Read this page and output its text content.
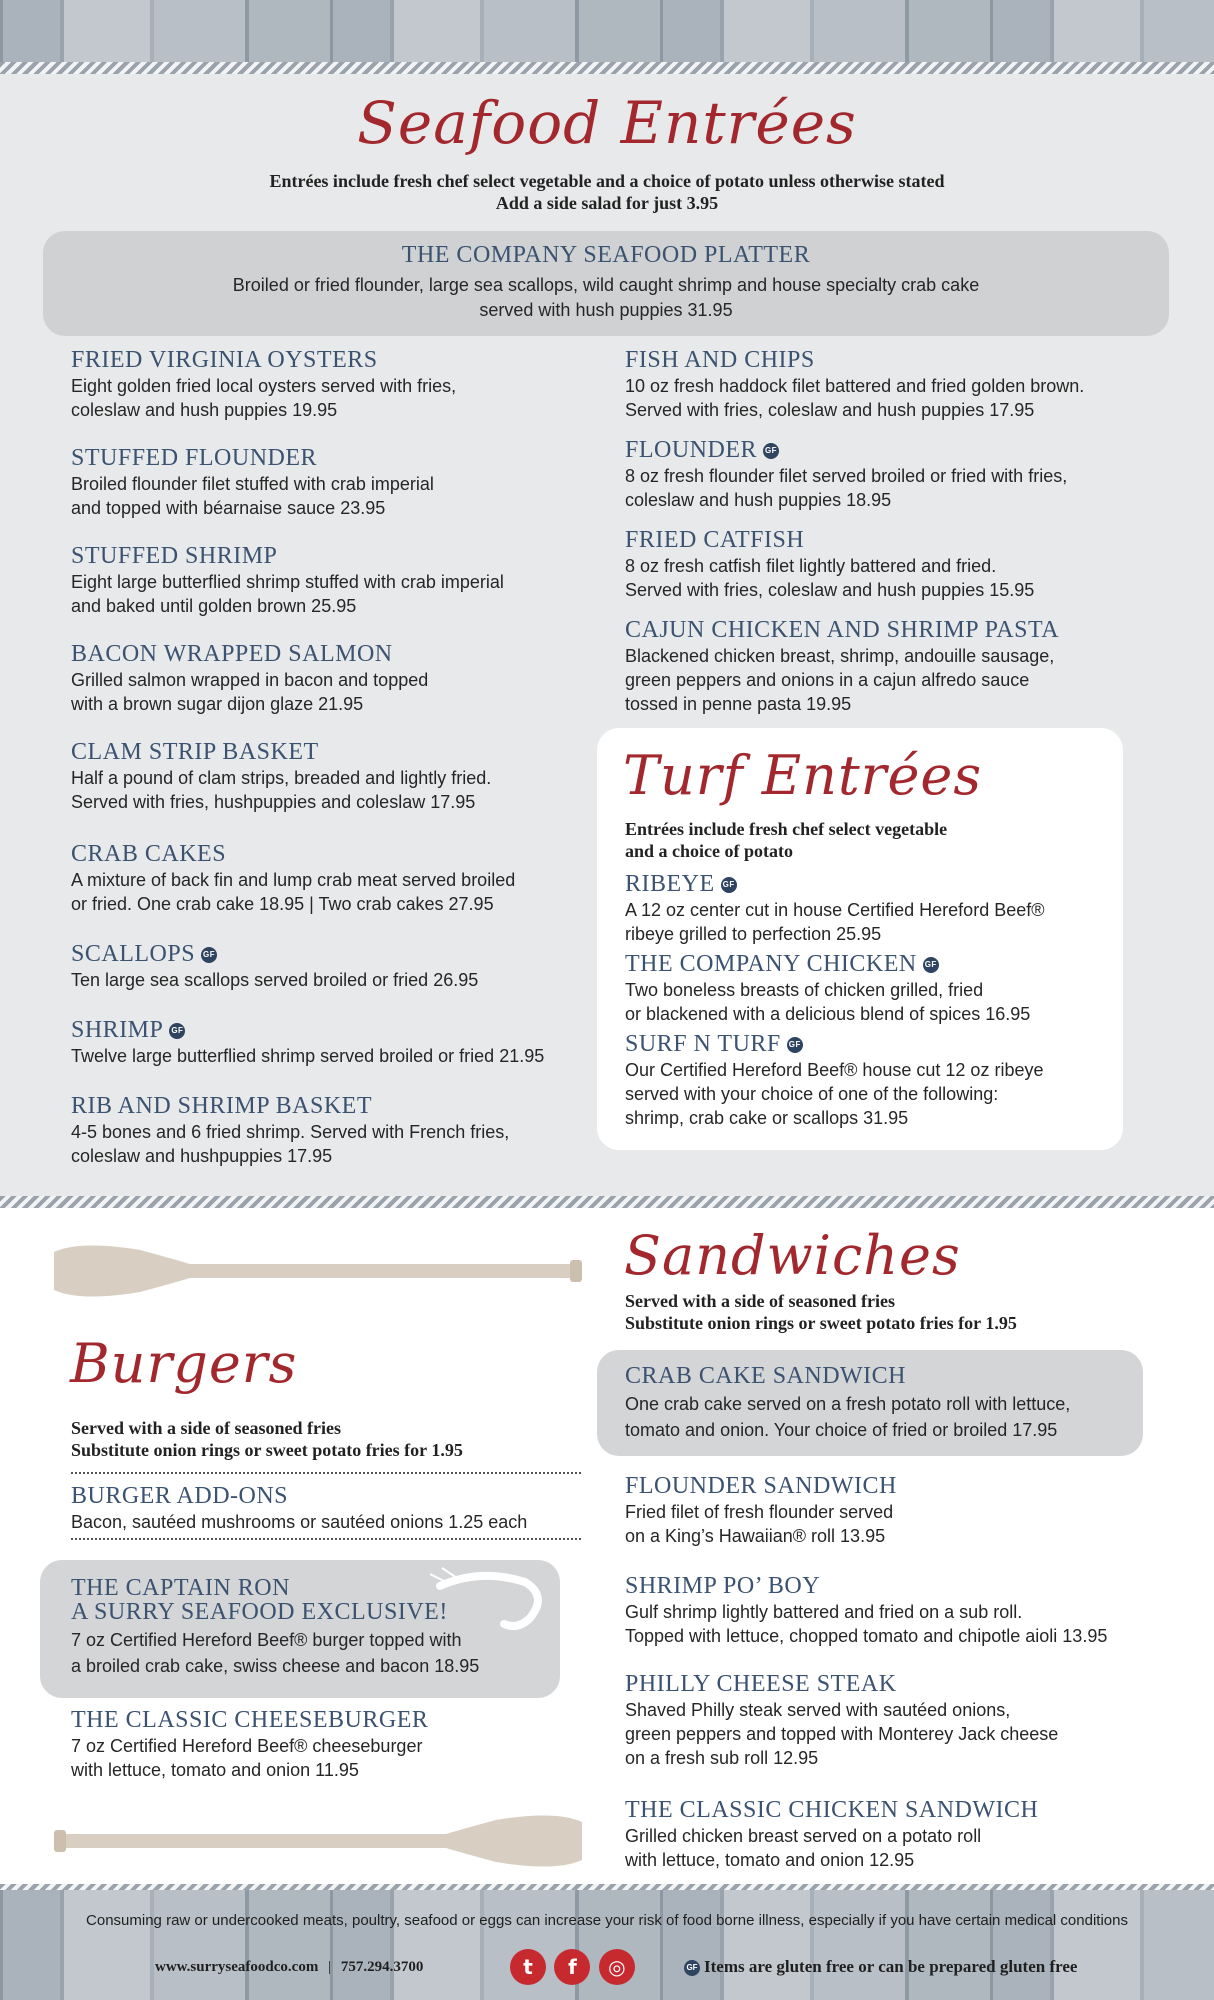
Seafood Entrées
Entrées include fresh chef select vegetable and a choice of potato unless otherwise stated
Add a side salad for just 3.95
THE COMPANY SEAFOOD PLATTER
Broiled or fried flounder, large sea scallops, wild caught shrimp and house specialty crab cake
served with hush puppies 31.95
FRIED VIRGINIA OYSTERS
Eight golden fried local oysters served with fries,
coleslaw and hush puppies 19.95
STUFFED FLOUNDER
Broiled flounder filet stuffed with crab imperial
and topped with béarnaise sauce 23.95
STUFFED SHRIMP
Eight large butterflied shrimp stuffed with crab imperial
and baked until golden brown 25.95
BACON WRAPPED SALMON
Grilled salmon wrapped in bacon and topped
with a brown sugar dijon glaze 21.95
CLAM STRIP BASKET
Half a pound of clam strips, breaded and lightly fried.
Served with fries, hushpuppies and coleslaw 17.95
CRAB CAKES
A mixture of back fin and lump crab meat served broiled
or fried. One crab cake 18.95 | Two crab cakes 27.95
SCALLOPS GF
Ten large sea scallops served broiled or fried 26.95
SHRIMP GF
Twelve large butterflied shrimp served broiled or fried 21.95
RIB AND SHRIMP BASKET
4-5 bones and 6 fried shrimp. Served with French fries,
coleslaw and hushpuppies 17.95
FISH AND CHIPS
10 oz fresh haddock filet battered and fried golden brown.
Served with fries, coleslaw and hush puppies 17.95
FLOUNDER GF
8 oz fresh flounder filet served broiled or fried with fries,
coleslaw and hush puppies 18.95
FRIED CATFISH
8 oz fresh catfish filet lightly battered and fried.
Served with fries, coleslaw and hush puppies 15.95
CAJUN CHICKEN AND SHRIMP PASTA
Blackened chicken breast, shrimp, andouille sausage,
green peppers and onions in a cajun alfredo sauce
tossed in penne pasta 19.95
Turf Entrées
Entrées include fresh chef select vegetable
and a choice of potato
RIBEYE GF
A 12 oz center cut in house Certified Hereford Beef®
ribeye grilled to perfection 25.95
THE COMPANY CHICKEN GF
Two boneless breasts of chicken grilled, fried
or blackened with a delicious blend of spices 16.95
SURF N TURF GF
Our Certified Hereford Beef® house cut 12 oz ribeye
served with your choice of one of the following:
shrimp, crab cake or scallops 31.95
Burgers
Served with a side of seasoned fries
Substitute onion rings or sweet potato fries for 1.95
BURGER ADD-ONS
Bacon, sautéed mushrooms or sautéed onions 1.25 each
THE CAPTAIN RON
A SURRY SEAFOOD EXCLUSIVE!
7 oz Certified Hereford Beef® burger topped with
a broiled crab cake, swiss cheese and bacon 18.95
THE CLASSIC CHEESEBURGER
7 oz Certified Hereford Beef® cheeseburger
with lettuce, tomato and onion 11.95
Sandwiches
Served with a side of seasoned fries
Substitute onion rings or sweet potato fries for 1.95
CRAB CAKE SANDWICH
One crab cake served on a fresh potato roll with lettuce,
tomato and onion. Your choice of fried or broiled 17.95
FLOUNDER SANDWICH
Fried filet of fresh flounder served
on a King’s Hawaiian® roll 13.95
SHRIMP PO’ BOY
Gulf shrimp lightly battered and fried on a sub roll.
Topped with lettuce, chopped tomato and chipotle aioli 13.95
PHILLY CHEESE STEAK
Shaved Philly steak served with sautéed onions,
green peppers and topped with Monterey Jack cheese
on a fresh sub roll 12.95
THE CLASSIC CHICKEN SANDWICH
Grilled chicken breast served on a potato roll
with lettuce, tomato and onion 12.95
Consuming raw or undercooked meats, poultry, seafood or eggs can increase your risk of food borne illness, especially if you have certain medical conditions
www.surryseafoodco.com | 757.294.3700	t f ◎	GF Items are gluten free or can be prepared gluten free
